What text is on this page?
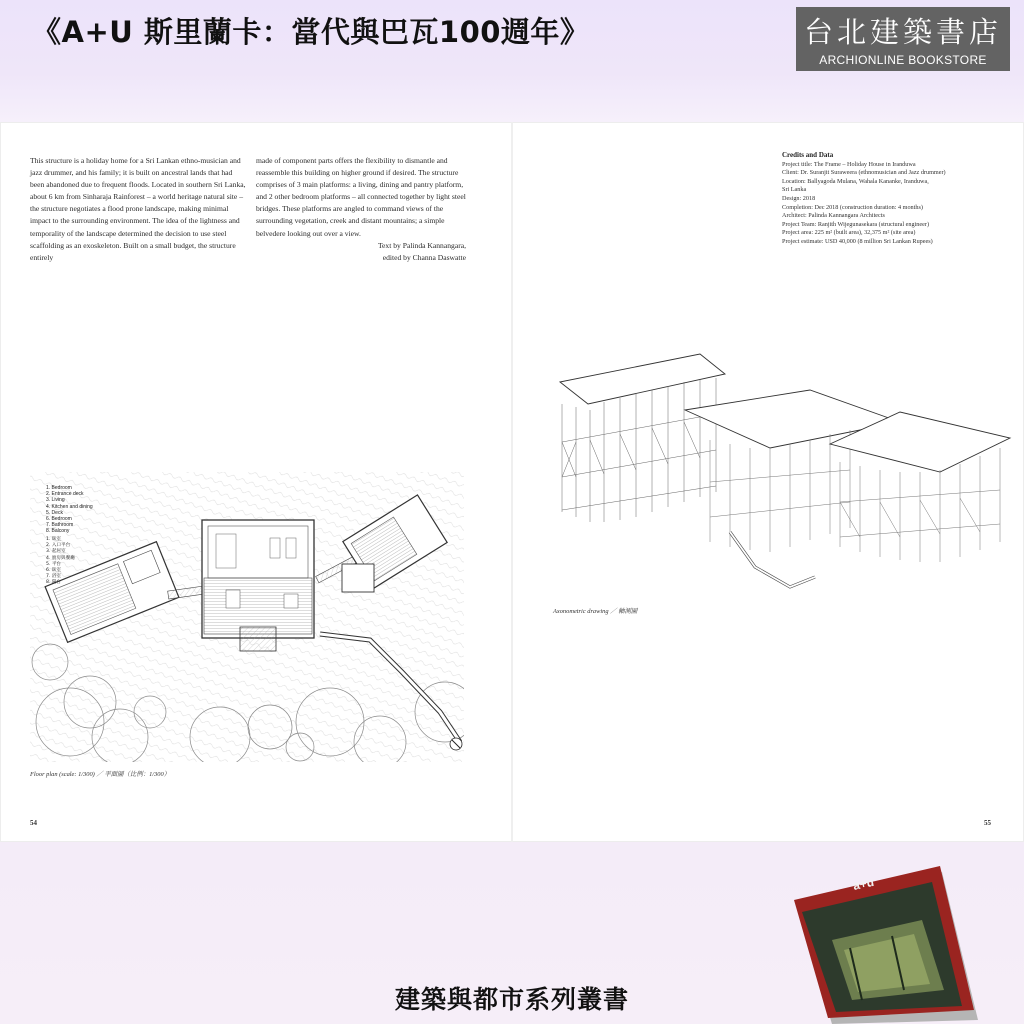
《A+U 斯里蘭卡：當代與巴瓦100週年》	台北建築書店
ARCHIONLINE BOOKSTORE
This structure is a holiday home for a Sri Lankan ethno-musician and jazz drummer, and his family; it is built on ancestral lands that had been abandoned due to frequent floods. Located in southern Sri Lanka, about 6 km from Sinharaja Rainforest – a world heritage natural site – the structure negotiates a flood prone landscape, making minimal impact to the surrounding environment. The idea of the lightness and temporality of the landscape determined the decision to use steel scaffolding as an exoskeleton. Built on a small budget, the structure entirely
made of component parts offers the flexibility to dismantle and reassemble this building on higher ground if desired. The structure comprises of 3 main platforms: a living, dining and pantry platform, and 2 other bedroom platforms – all connected together by light steel bridges. These platforms are angled to command views of the surrounding vegetation, creek and distant mountains; a simple belvedere looking out over a view.
Text by Palinda Kannangara,
edited by Channa Daswatte
1. Bedroom
2. Entrance deck
3. Living
4. Kitchen and dining
5. Deck
6. Bedroom
7. Bathroom
8. Balcony
1. 臥室
2. 入口平台
3. 起居室
4. 廚房與餐廳
5. 平台
6. 臥室
7. 浴室
8. 陽台
Floor plan (scale: 1/300) ／ 平面圖（比例：1/300）
54
Credits and Data
Project title: The Frame – Holiday House in Iranduwa
Client: Dr. Suranjit Suraweera (ethnomusician and Jazz drummer)
Location: Ballyagoda Mulana, Wahala Kananke, Iranduwa,
Sri Lanka
Design: 2018
Completion: Dec 2018 (construction duration: 4 months)
Architect: Palinda Kannangara Architects
Project Team: Ranjith Wijegunasekara (structural engineer)
Project area: 225 m² (built area), 32,375 m² (site area)
Project estimate: USD 40,000 (8 million Sri Lankan Rupees)
Axonometric drawing ／ 軸測圖
55
a+u
建築與都市系列叢書
